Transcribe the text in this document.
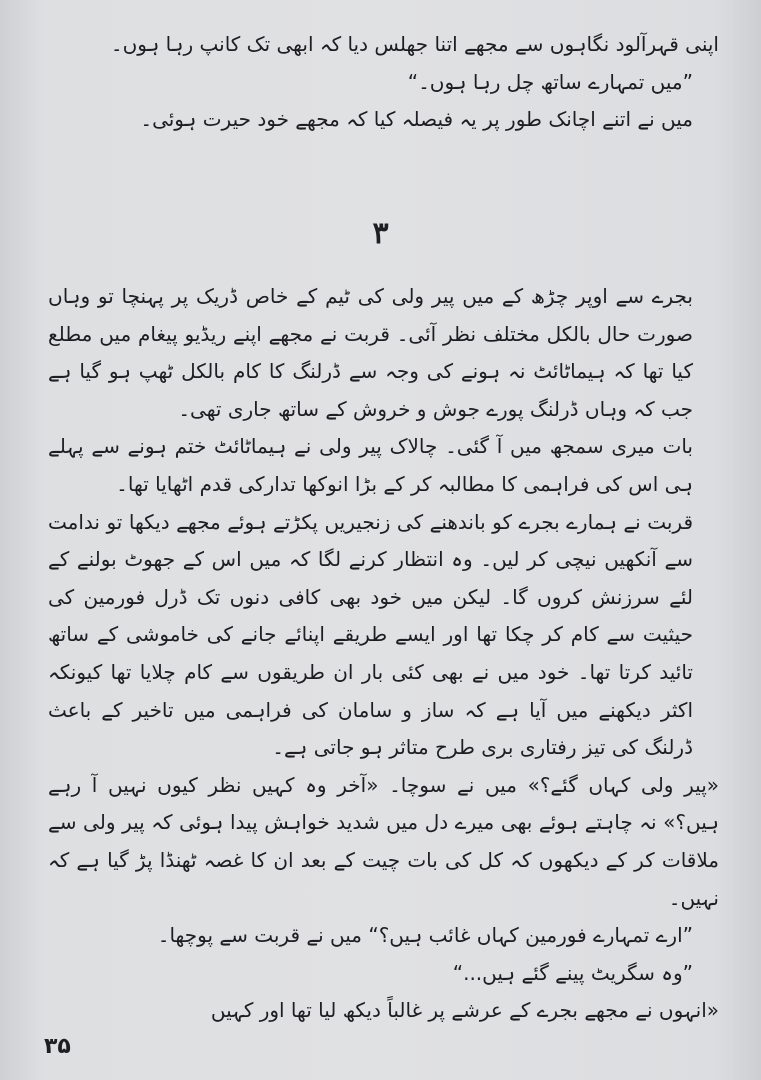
اپنی قہرآلود نگاہوں سے مجھے اتنا جھلس دیا کہ ابھی تک کانپ رہا ہوں۔

”میں تمہارے ساتھ چل رہا ہوں۔“

میں نے اتنے اچانک طور پر یہ فیصلہ کیا کہ مجھے خود حیرت ہوئی۔

۳

بجرے سے اوپر چڑھ کے میں پیر ولی کی ٹیم کے خاص ڈریک پر پہنچا تو وہاں صورت حال بالکل مختلف نظر آئی۔ قربت نے مجھے اپنے ریڈیو پیغام میں مطلع کیا تھا کہ ہیماٹائٹ نہ ہونے کی وجہ سے ڈرلنگ کا کام بالکل ٹھپ ہو گیا ہے جب کہ وہاں ڈرلنگ پورے جوش و خروش کے ساتھ جاری تھی۔

بات میری سمجھ میں آ گئی۔ چالاک پیر ولی نے ہیماٹائٹ ختم ہونے سے پہلے ہی اس کی فراہمی کا مطالبہ کر کے بڑا انوکھا تدارکی قدم اٹھایا تھا۔

قربت نے ہمارے بجرے کو باندھنے کی زنجیریں پکڑتے ہوئے مجھے دیکھا تو ندامت سے آنکھیں نیچی کر لیں۔ وہ انتظار کرنے لگا کہ میں اس کے جھوٹ بولنے کے لئے سرزنش کروں گا۔ لیکن میں خود بھی کافی دنوں تک ڈرل فورمین کی حیثیت سے کام کر چکا تھا اور ایسے طریقے اپنائے جانے کی خاموشی کے ساتھ تائید کرتا تھا۔ خود میں نے بھی کئی بار ان طریقوں سے کام چلایا تھا کیونکہ اکثر دیکھنے میں آیا ہے کہ ساز و سامان کی فراہمی میں تاخیر کے باعث ڈرلنگ کی تیز رفتاری بری طرح متاثر ہو جاتی ہے۔

«پیر ولی کہاں گئے؟» میں نے سوچا۔ «آخر وہ کہیں نظر کیوں نہیں آ رہے ہیں؟» نہ چاہتے ہوئے بھی میرے دل میں شدید خواہش پیدا ہوئی کہ پیر ولی سے ملاقات کر کے دیکھوں کہ کل کی بات چیت کے بعد ان کا غصہ ٹھنڈا پڑ گیا ہے کہ نہیں۔

”ارے تمہارے فورمین کہاں غائب ہیں؟“ میں نے قربت سے پوچھا۔

”وہ سگریٹ پینے گئے ہیں...“

«انہوں نے مجھے بجرے کے عرشے پر غالباً دیکھ لیا تھا اور کہیں

۳۵
